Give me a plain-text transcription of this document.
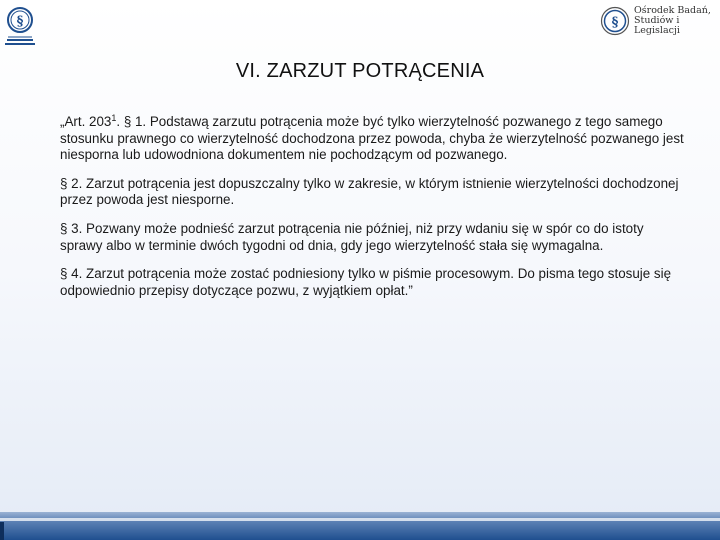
§	§
Ośrodek Badań,
Studiów i Legislacji
VI. ZARZUT POTRĄCENIA

„Art. $203^1$. § 1. Podstawą zarzutu potrącenia może być tylko wierzytelność pozwanego z tego samego stosunku prawnego co wierzytelność dochodzona przez powoda, chyba że wierzytelność pozwanego jest niesporna lub udowodniona dokumentem nie pochodzącym od pozwanego.

§ 2. Zarzut potrącenia jest dopuszczalny tylko w zakresie, w którym istnienie wierzytelności dochodzonej przez powoda jest niesporne.

§ 3. Pozwany może podnieść zarzut potrącenia nie później, niż przy wdaniu się w spór co do istoty sprawy albo w terminie dwóch tygodni od dnia, gdy jego wierzytelność stała się wymagalna.

§ 4. Zarzut potrącenia może zostać podniesiony tylko w piśmie procesowym. Do pisma tego stosuje się odpowiednio przepisy dotyczące pozwu, z wyjątkiem opłat.”
